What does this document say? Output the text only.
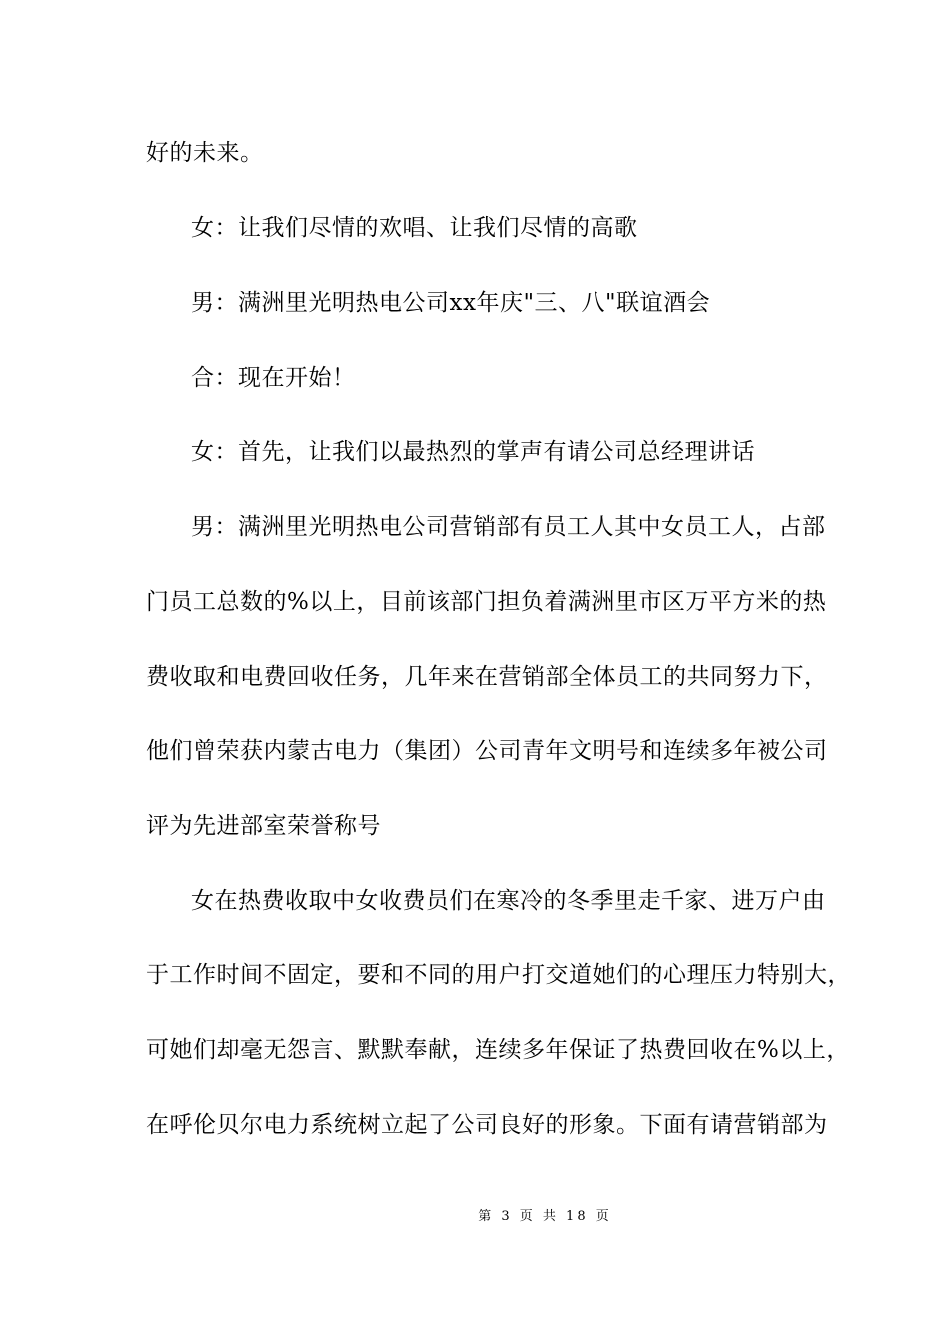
好的未来。
女：让我们尽情的欢唱、让我们尽情的高歌
男：满洲里光明热电公司xx年庆"三、八"联谊酒会
合：现在开始！
女：首先，让我们以最热烈的掌声有请公司总经理讲话
男：满洲里光明热电公司营销部有员工人其中女员工人，占部
门员工总数的%以上，目前该部门担负着满洲里市区万平方米的热
费收取和电费回收任务，几年来在营销部全体员工的共同努力下，
他们曾荣获内蒙古电力（集团）公司青年文明号和连续多年被公司
评为先进部室荣誉称号
女在热费收取中女收费员们在寒冷的冬季里走千家、进万户由
于工作时间不固定，要和不同的用户打交道她们的心理压力特别大，
可她们却毫无怨言、默默奉献，连续多年保证了热费回收在%以上，
在呼伦贝尔电力系统树立起了公司良好的形象。下面有请营销部为
第 3 页 共 18 页
